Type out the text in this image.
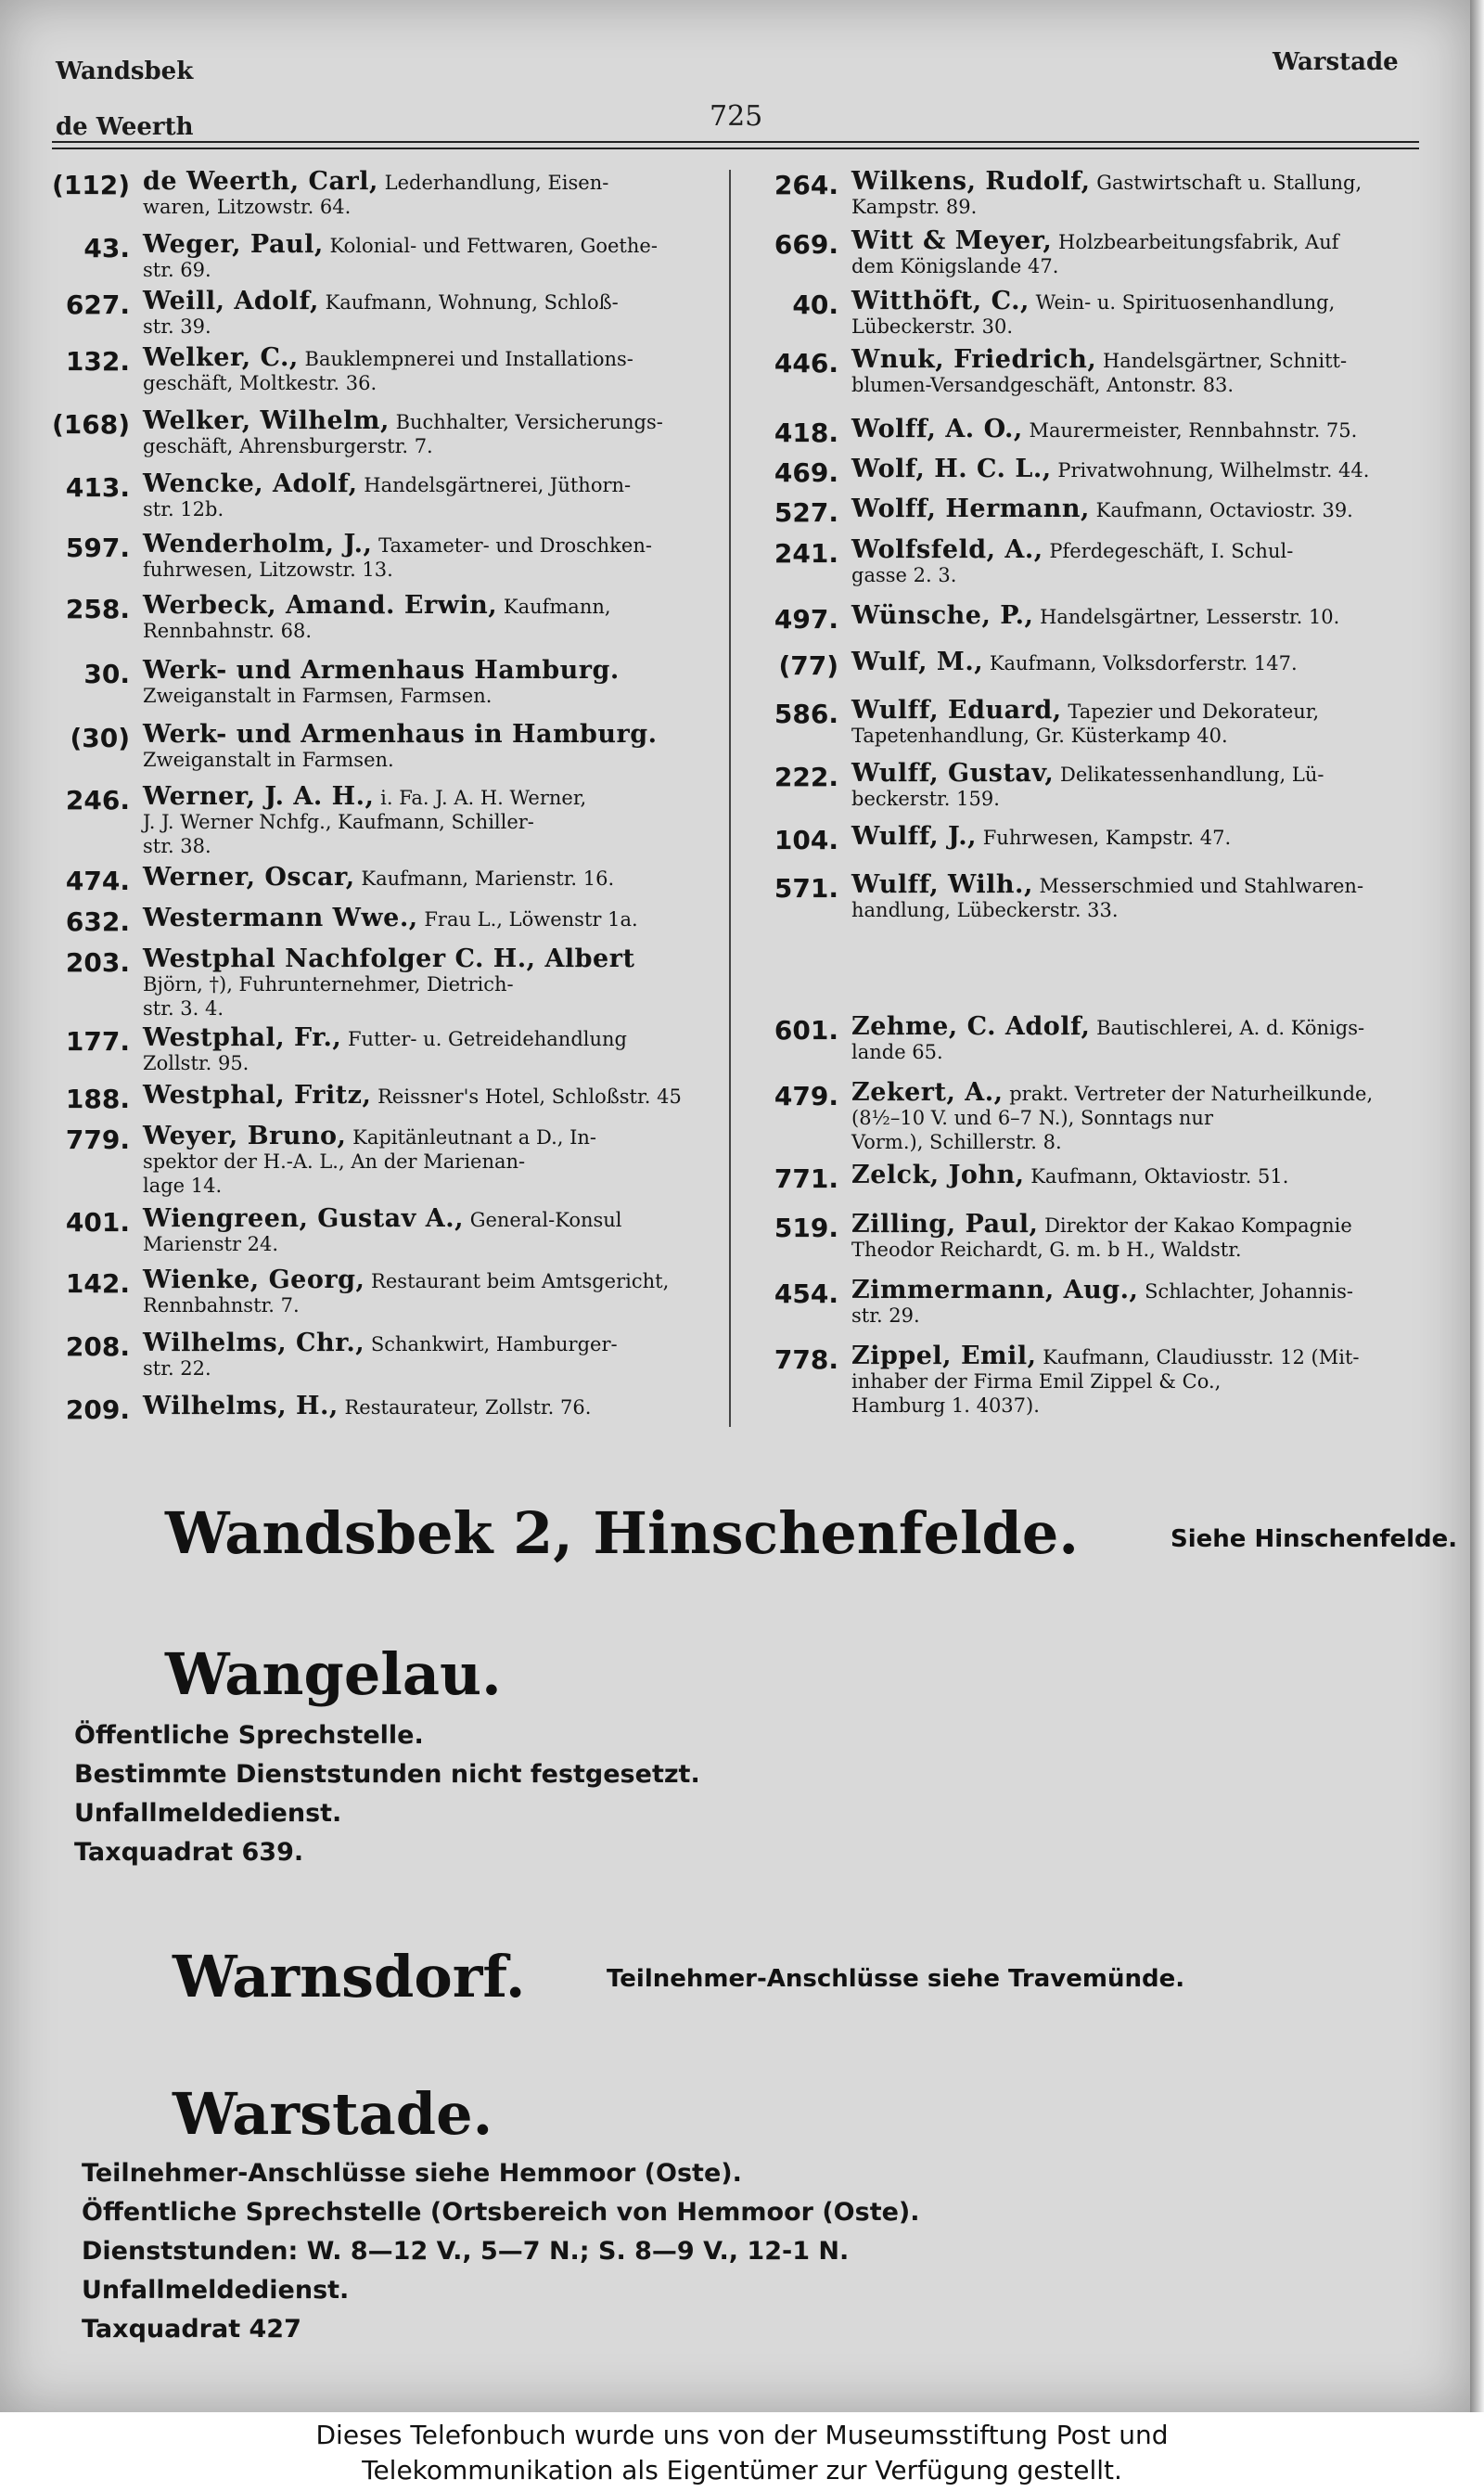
Wandsbek
de Weerth	725
Warstade
(112) de Weerth, Carl, Lederhandlung, Eisen-
waren, Litzowstr. 64.
43. Weger, Paul, Kolonial- und Fettwaren, Goethe-
str. 69.
627. Weill, Adolf, Kaufmann, Wohnung, Schloß-
str. 39.
132. Welker, C., Bauklempnerei und Installations-
geschäft, Moltkestr. 36.
(168) Welker, Wilhelm, Buchhalter, Versicherungs-
geschäft, Ahrensburgerstr. 7.
413. Wencke, Adolf, Handelsgärtnerei, Jüthorn-
str. 12b.
597. Wenderholm, J., Taxameter- und Droschken-
fuhrwesen, Litzowstr. 13.
258. Werbeck, Amand. Erwin, Kaufmann,
Rennbahnstr. 68.
30. Werk- und Armenhaus Hamburg.
Zweiganstalt in Farmsen, Farmsen.
(30) Werk- und Armenhaus in Hamburg.
Zweiganstalt in Farmsen.
246. Werner, J. A. H., i. Fa. J. A. H. Werner,
J. J. Werner Nchfg., Kaufmann, Schiller-
str. 38.
474. Werner, Oscar, Kaufmann, Marienstr. 16.
632. Westermann Wwe., Frau L., Löwenstr 1a.
203. Westphal Nachfolger C. H., Albert
Björn, †), Fuhrunternehmer, Dietrich-
str. 3. 4.
177. Westphal, Fr., Futter- u. Getreidehandlung
Zollstr. 95.
188. Westphal, Fritz, Reissner's Hotel, Schloßstr. 45
779. Weyer, Bruno, Kapitänleutnant a D., In-
spektor der H.-A. L., An der Marienan-
lage 14.
401. Wiengreen, Gustav A., General-Konsul
Marienstr 24.
142. Wienke, Georg, Restaurant beim Amtsgericht,
Rennbahnstr. 7.
208. Wilhelms, Chr., Schankwirt, Hamburger-
str. 22.
209. Wilhelms, H., Restaurateur, Zollstr. 76.
264. Wilkens, Rudolf, Gastwirtschaft u. Stallung,
Kampstr. 89.
669. Witt & Meyer, Holzbearbeitungsfabrik, Auf
dem Königslande 47.
40. Witthöft, C., Wein- u. Spirituosenhandlung,
Lübeckerstr. 30.
446. Wnuk, Friedrich, Handelsgärtner, Schnitt-
blumen-Versandgeschäft, Antonstr. 83.
418. Wolff, A. O., Maurermeister, Rennbahnstr. 75.
469. Wolf, H. C. L., Privatwohnung, Wilhelmstr. 44.
527. Wolff, Hermann, Kaufmann, Octaviostr. 39.
241. Wolfsfeld, A., Pferdegeschäft, I. Schul-
gasse 2. 3.
497. Wünsche, P., Handelsgärtner, Lesserstr. 10.
(77) Wulf, M., Kaufmann, Volksdorferstr. 147.
586. Wulff, Eduard, Tapezier und Dekorateur,
Tapetenhandlung, Gr. Küsterkamp 40.
222. Wulff, Gustav, Delikatessenhandlung, Lü-
beckerstr. 159.
104. Wulff, J., Fuhrwesen, Kampstr. 47.
571. Wulff, Wilh., Messerschmied und Stahlwaren-
handlung, Lübeckerstr. 33.
601. Zehme, C. Adolf, Bautischlerei, A. d. Königs-
lande 65.
479. Zekert, A., prakt. Vertreter der Naturheilkunde,
(8½–10 V. und 6–7 N.), Sonntags nur
Vorm.), Schillerstr. 8.
771. Zelck, John, Kaufmann, Oktaviostr. 51.
519. Zilling, Paul, Direktor der Kakao Kompagnie
Theodor Reichardt, G. m. b H., Waldstr.
454. Zimmermann, Aug., Schlachter, Johannis-
str. 29.
778. Zippel, Emil, Kaufmann, Claudiusstr. 12 (Mit-
inhaber der Firma Emil Zippel & Co.,
Hamburg 1. 4037).
Wandsbek 2, Hinschenfelde.	Siehe Hinschenfelde.
Wangelau.
Öffentliche Sprechstelle.
Bestimmte Dienststunden nicht festgesetzt.
Unfallmeldedienst.
Taxquadrat 639.
Warnsdorf.	Teilnehmer-Anschlüsse siehe Travemünde.
Warstade.
Teilnehmer-Anschlüsse siehe Hemmoor (Oste).
Öffentliche Sprechstelle (Ortsbereich von Hemmoor (Oste).
Dienststunden: W. 8—12 V., 5—7 N.; S. 8—9 V., 12-1 N.
Unfallmeldedienst.
Taxquadrat 427
Dieses Telefonbuch wurde uns von der Museumsstiftung Post und
Telekommunikation als Eigentümer zur Verfügung gestellt.
